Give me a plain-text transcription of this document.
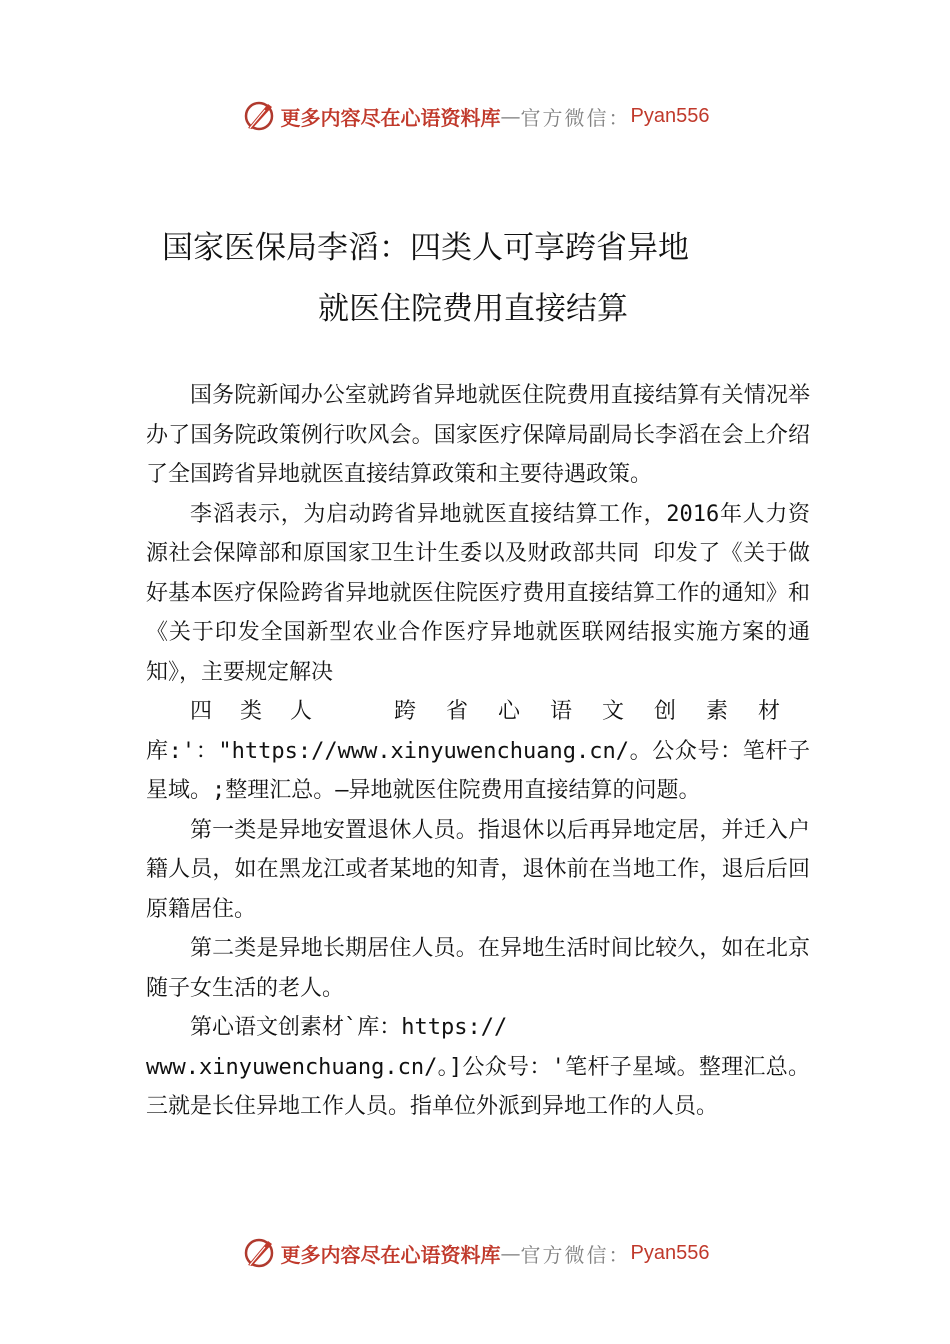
更多内容尽在心语资料库 — 官方微信： Pyan556
国家医保局李滔：四类人可享跨省异地
就医住院费用直接结算

国务院新闻办公室就跨省异地就医住院费用直接结算有关情况举办了国务院政策例行吹风会。国家医疗保障局副局长李滔在会上介绍了全国跨省异地就医直接结算政策和主要待遇政策。

李滔表示，为启动跨省异地就医直接结算工作，2016年人力资源社会保障部和原国家卫生计生委以及财政部共同 印发了《关于做好基本医疗保险跨省异地就医住院医疗费用直接结算工作的通知》和《关于印发全国新型农业合作医疗异地就医联网结报实施方案的通知》，主要规定解决
四类人	跨省心语文创素材
库:'："https://www.xinyuwenchuang.cn/。公众号：笔杆子星域。;整理汇总。—异地就医住院费用直接结算的问题。

第一类是异地安置退休人员。指退休以后再异地定居，并迁入户籍人员，如在黑龙江或者某地的知青，退休前在当地工作，退后后回原籍居住。

第二类是异地长期居住人员。在异地生活时间比较久，如在北京随子女生活的老人。

第心语文创素材`库：https://

www.xinyuwenchuang.cn/。]公众号：'笔杆子星域。整理汇总。三就是长住异地工作人员。指单位外派到异地工作的人员。

更多内容尽在心语资料库 — 官方微信： Pyan556
